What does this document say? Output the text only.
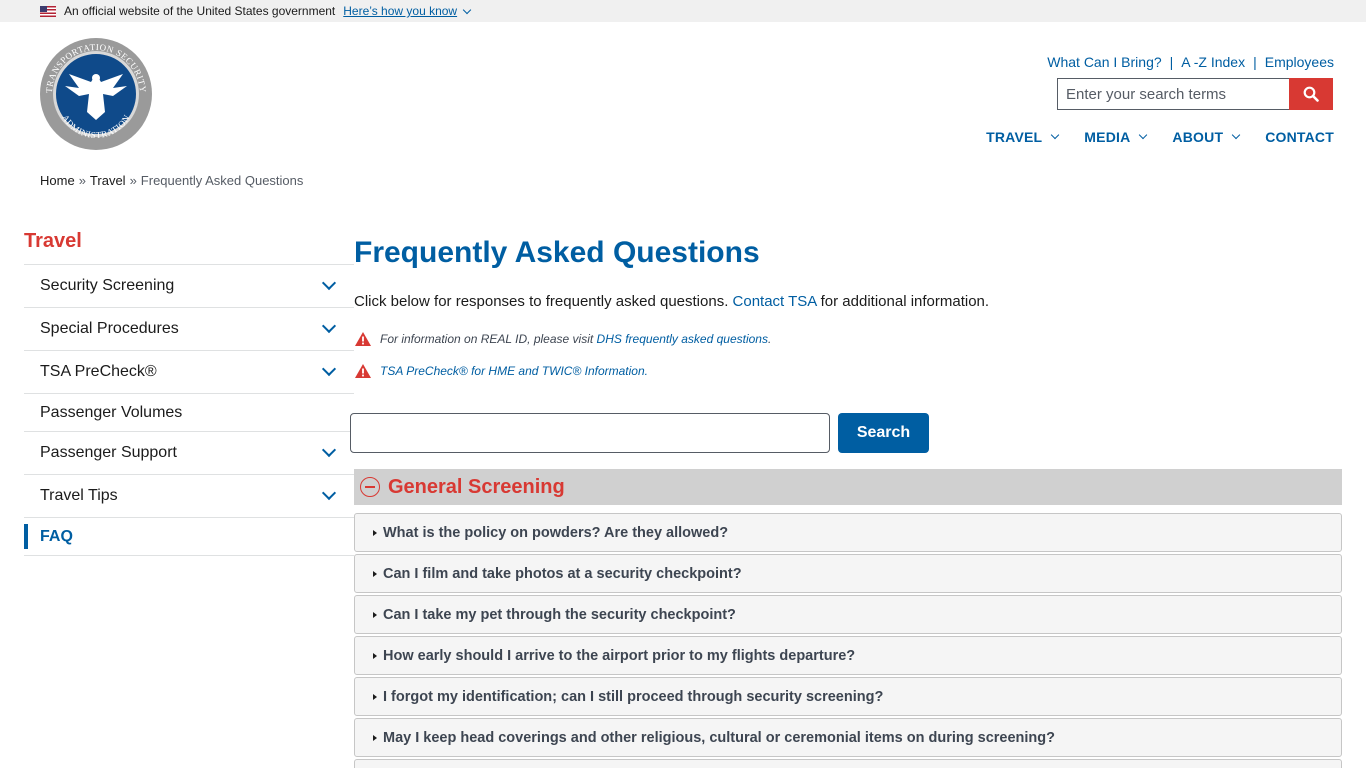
An official website of the United States government Here’s how you know
TRANSPORTATION SECURITY
ADMINISTRATION
What Can I Bring? | A -Z Index | Employees
Enter your search terms
TRAVEL	MEDIA	ABOUT	CONTACT
Home » Travel » Frequently Asked Questions
Travel
Security Screening
Special Procedures
TSA PreCheck®
Passenger Volumes
Passenger Support
Travel Tips
FAQ
Frequently Asked Questions

Click below for responses to frequently asked questions. Contact TSA for additional information.

For information on REAL ID, please visit DHS frequently asked questions.
TSA PreCheck® for HME and TWIC® Information.
Search
General Screening
What is the policy on powders? Are they allowed?
Can I film and take photos at a security checkpoint?
Can I take my pet through the security checkpoint?
How early should I arrive to the airport prior to my flights departure?
I forgot my identification; can I still proceed through security screening?
May I keep head coverings and other religious, cultural or ceremonial items on during screening?
